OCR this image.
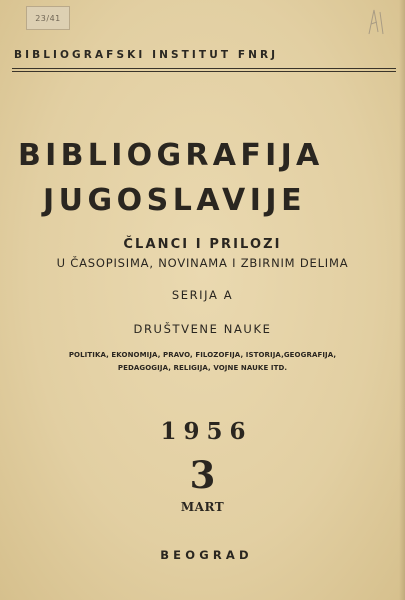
23/41
BIBLIOGRAFSKI INSTITUT FNRJ
BIBLIOGRAFIJA
JUGOSLAVIJE
ČLANCI I PRILOZI
U ČASOPISIMA, NOVINAMA I ZBIRNIM DELIMA
SERIJA A
DRUŠTVENE NAUKE
POLITIKA, EKONOMIJA, PRAVO, FILOZOFIJA, ISTORIJA,GEOGRAFIJA,
PEDAGOGIJA, RELIGIJA, VOJNE NAUKE ITD.
1956
3
MART
BEOGRAD
